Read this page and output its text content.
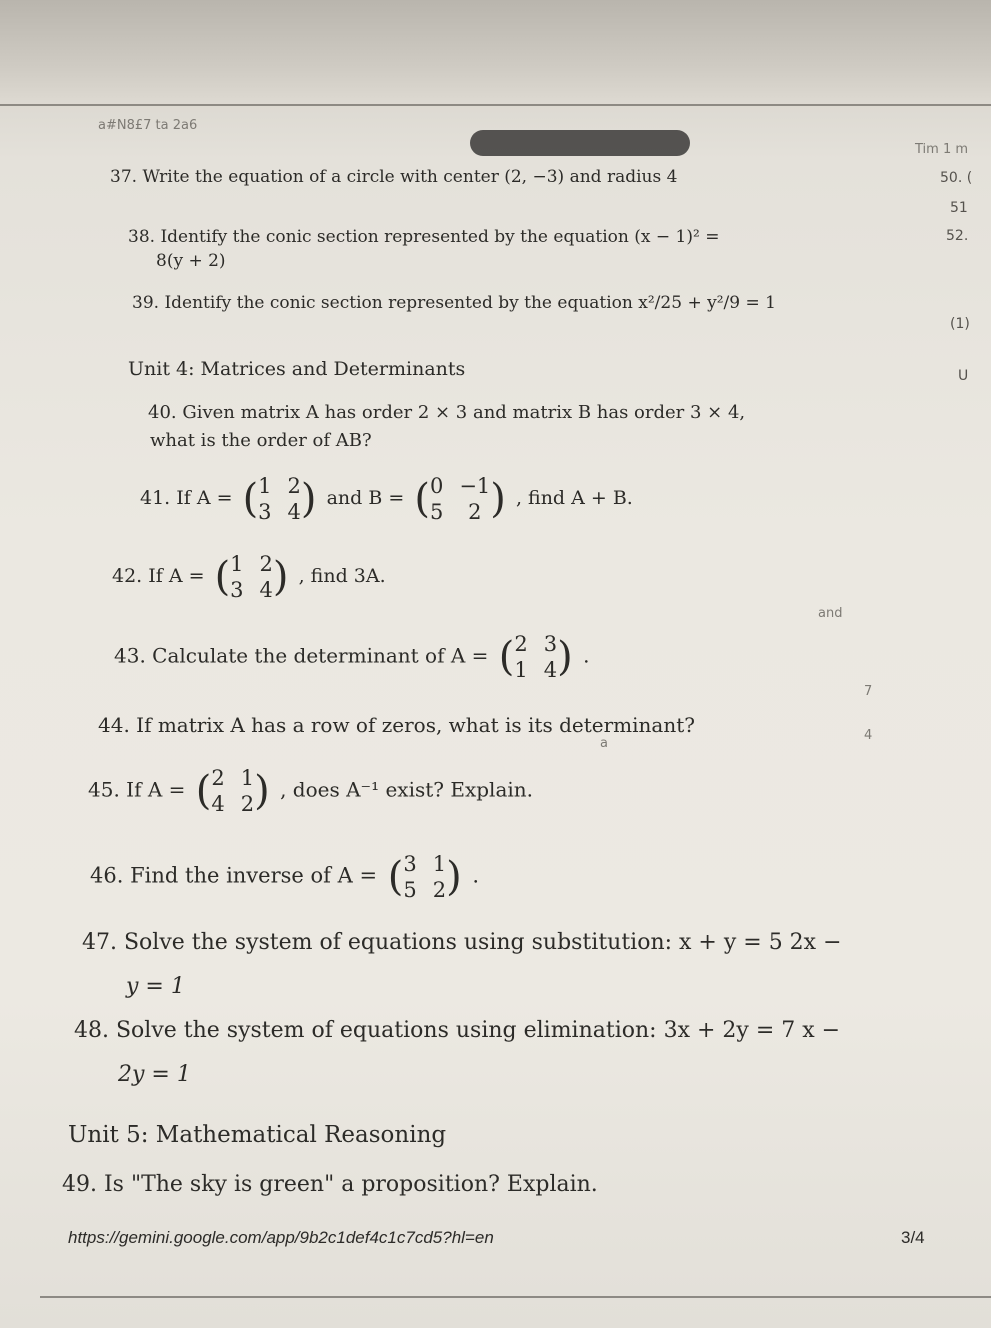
a#N8£7 ta 2a6
Tim 1 m
50. (
51
52.
(1)
U
and
7
a
4
37. Write the equation of a circle with center (2, −3) and radius 4
38. Identify the conic section represented by the equation (x − 1)² =
8(y + 2)
39. Identify the conic section represented by the equation x²/25 + y²/9 = 1
Unit 4: Matrices and Determinants
40. Given matrix A has order 2 × 3 and matrix B has order 3 × 4,
what is the order of AB?
41. If A = ( 1 2
3 4 ) and B = ( 0 −1
5	2 ) , find A + B.
42. If A = ( 1 2
3 4 ) , find 3A.
43. Calculate the determinant of A = ( 2 3
1 4 ) .
44. If matrix A has a row of zeros, what is its determinant?
45. If A = ( 2 1
4 2 ) , does A⁻¹ exist? Explain.
46. Find the inverse of A = ( 3 1
5 2 ) .
47. Solve the system of equations using substitution: x + y = 5 2x −
y = 1
48. Solve the system of equations using elimination: 3x + 2y = 7 x −
2y = 1
Unit 5: Mathematical Reasoning
49. Is "The sky is green" a proposition? Explain.
https://gemini.google.com/app/9b2c1def4c1c7cd5?hl=en	3/4
